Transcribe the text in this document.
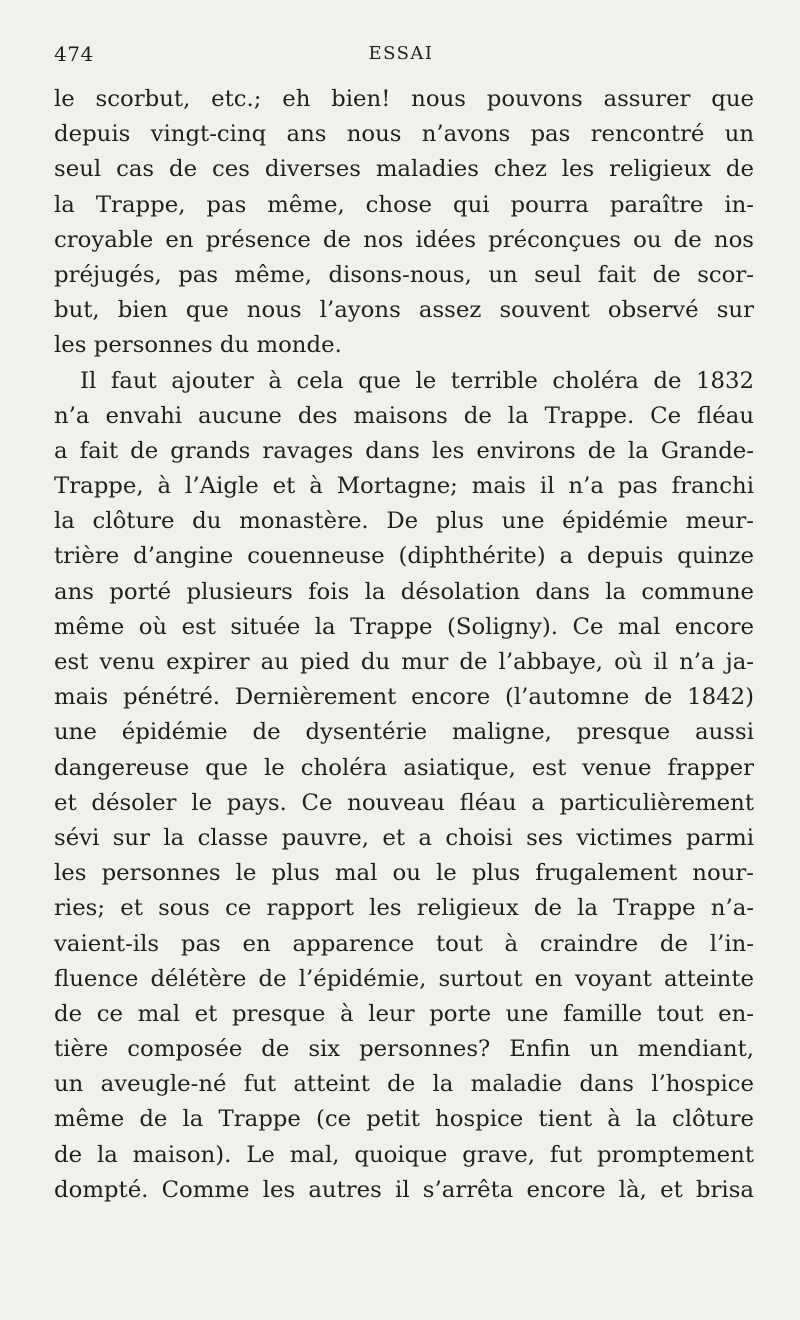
474	ESSAI
le scorbut, etc.; eh bien! nous pouvons assurer que
depuis vingt-cinq ans nous n’avons pas rencontré un
seul cas de ces diverses maladies chez les religieux de
la Trappe, pas même, chose qui pourra paraître in-
croyable en présence de nos idées préconçues ou de nos
préjugés, pas même, disons-nous, un seul fait de scor-
but, bien que nous l’ayons assez souvent observé sur
les personnes du monde.
Il faut ajouter à cela que le terrible choléra de 1832
n’a envahi aucune des maisons de la Trappe. Ce fléau
a fait de grands ravages dans les environs de la Grande-
Trappe, à l’Aigle et à Mortagne; mais il n’a pas franchi
la clôture du monastère. De plus une épidémie meur-
trière d’angine couenneuse (diphthérite) a depuis quinze
ans porté plusieurs fois la désolation dans la commune
même où est située la Trappe (Soligny). Ce mal encore
est venu expirer au pied du mur de l’abbaye, où il n’a ja-
mais pénétré. Dernièrement encore (l’automne de 1842)
une épidémie de dysentérie maligne, presque aussi
dangereuse que le choléra asiatique, est venue frapper
et désoler le pays. Ce nouveau fléau a particulièrement
sévi sur la classe pauvre, et a choisi ses victimes parmi
les personnes le plus mal ou le plus frugalement nour-
ries; et sous ce rapport les religieux de la Trappe n’a-
vaient-ils pas en apparence tout à craindre de l’in-
fluence délétère de l’épidémie, surtout en voyant atteinte
de ce mal et presque à leur porte une famille tout en-
tière composée de six personnes? Enfin un mendiant,
un aveugle-né fut atteint de la maladie dans l’hospice
même de la Trappe (ce petit hospice tient à la clôture
de la maison). Le mal, quoique grave, fut promptement
dompté. Comme les autres il s’arrêta encore là, et brisa
